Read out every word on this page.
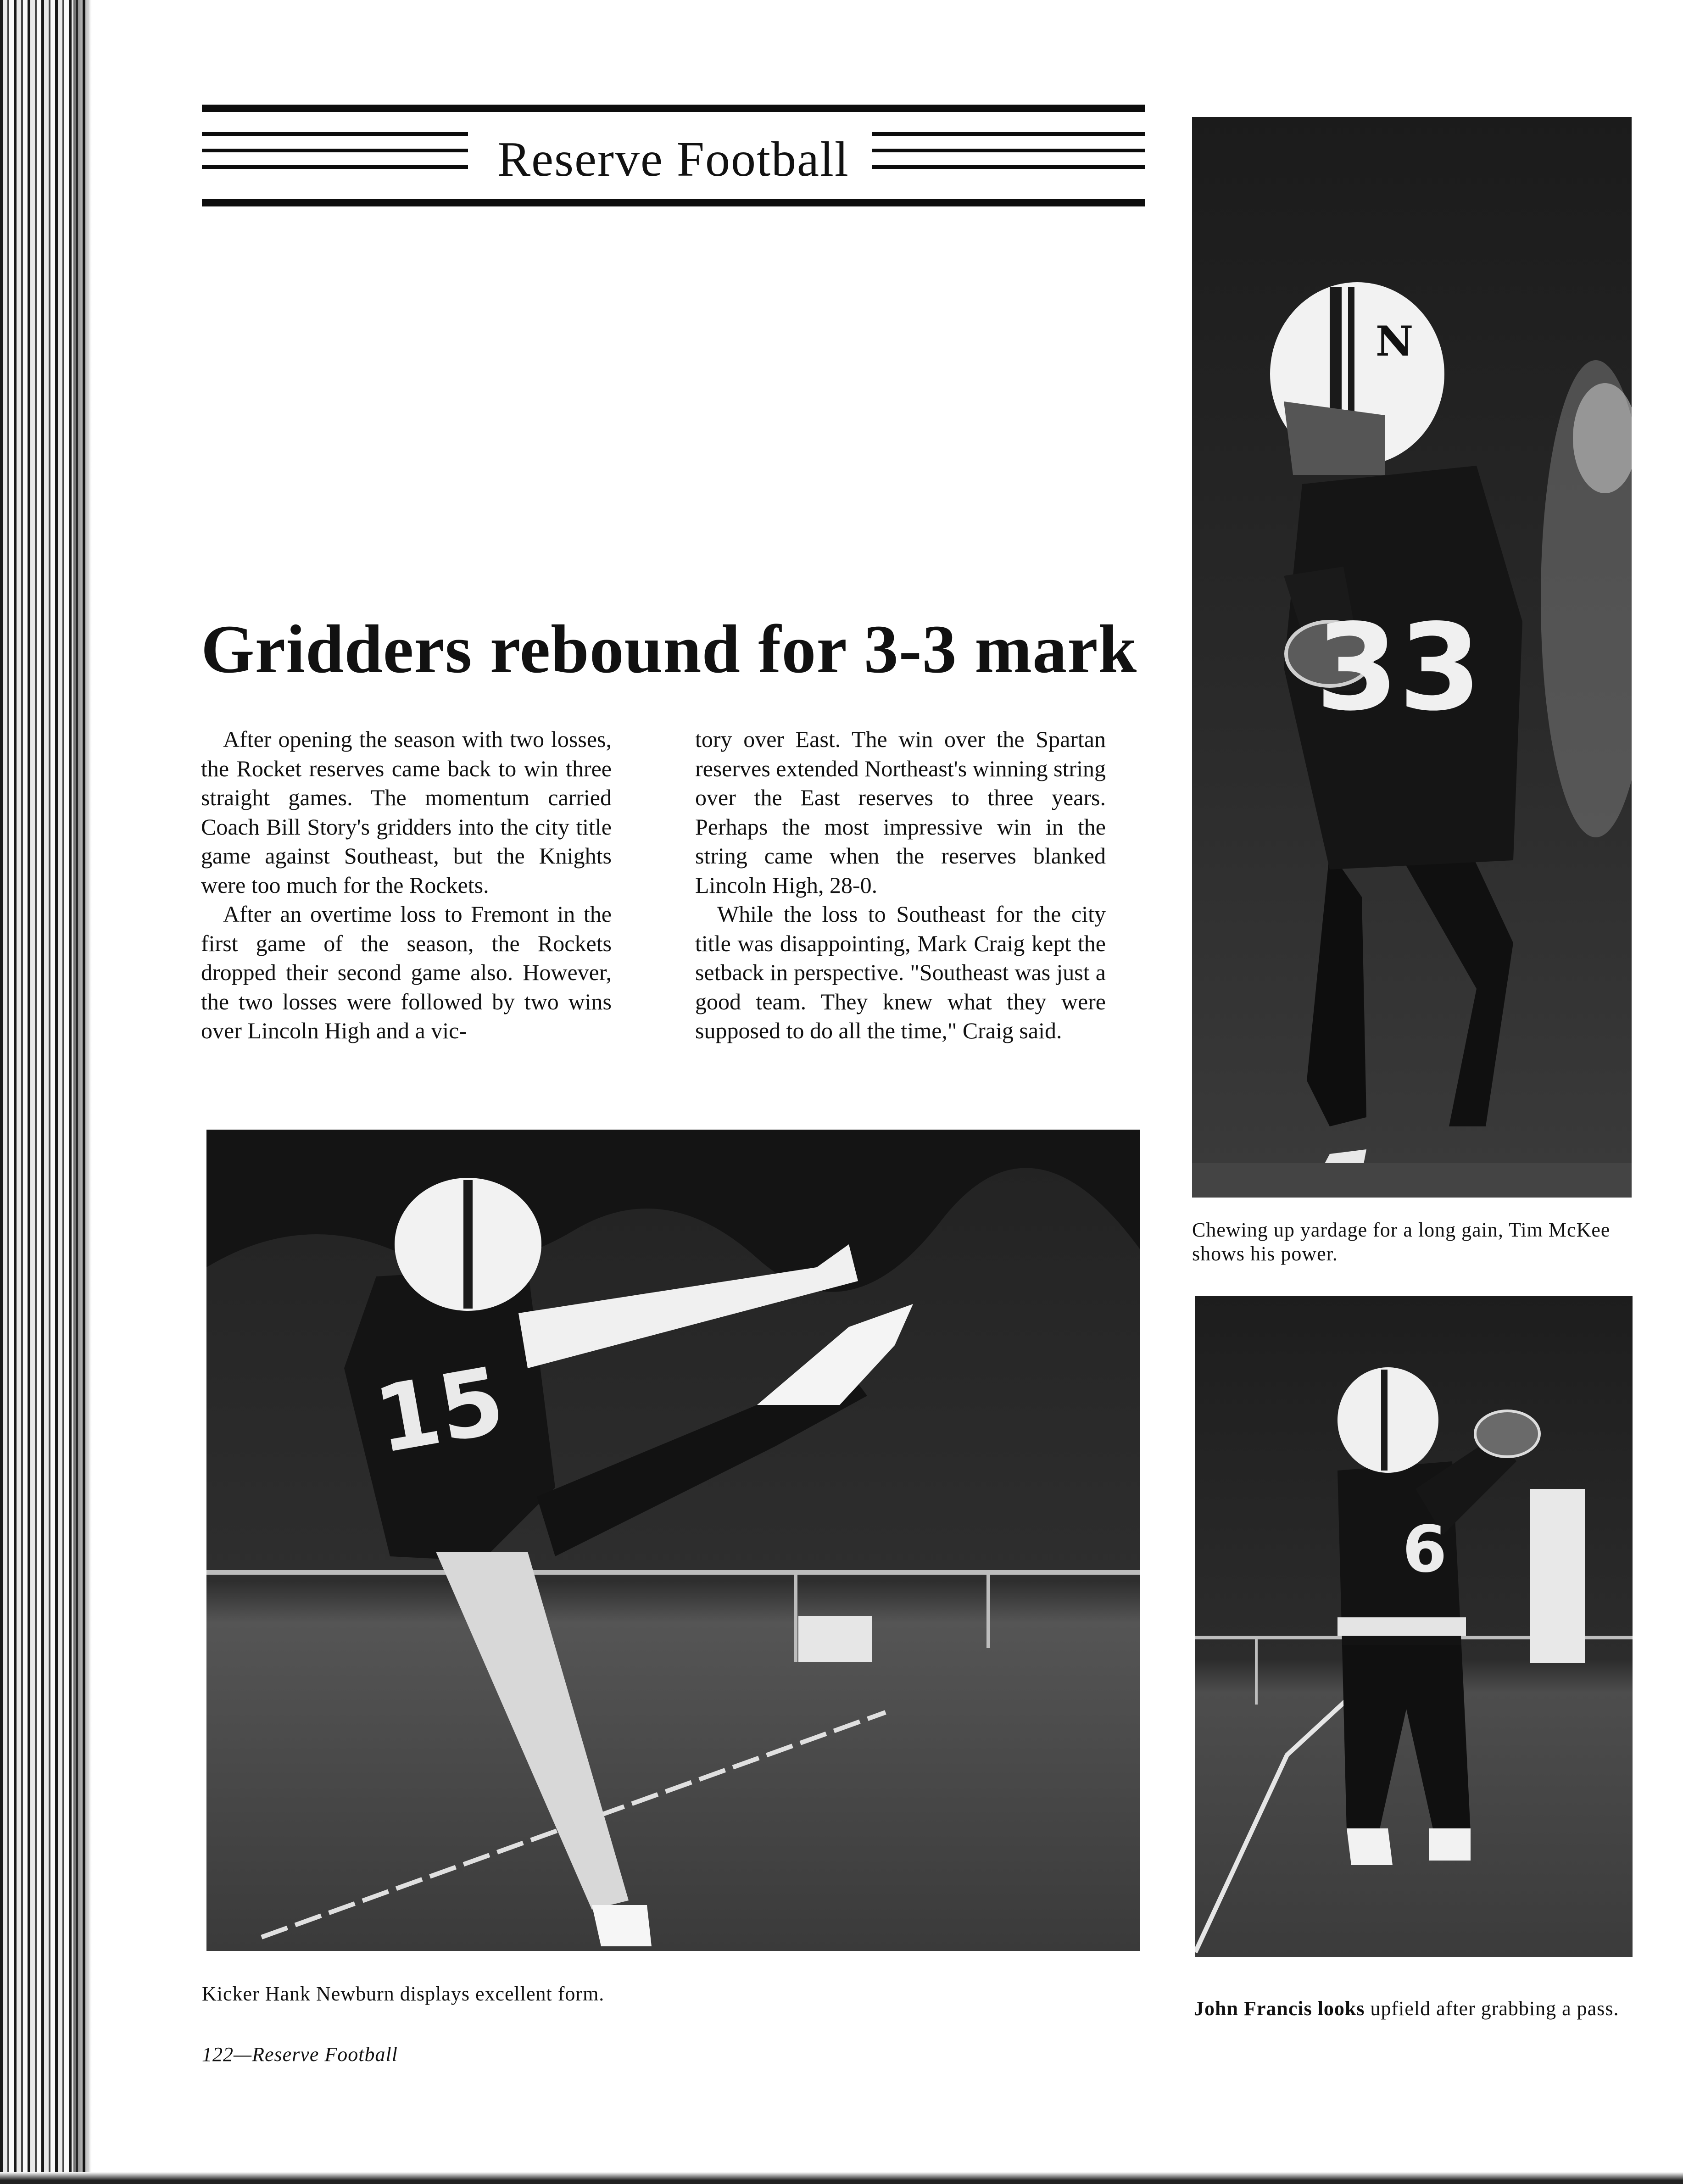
Reserve Football
Gridders rebound for 3-3 mark

After opening the season with two losses, the Rocket reserves came back to win three straight games. The momentum carried Coach Bill Story's gridders into the city title game against Southeast, but the Knights were too much for the Rockets.

After an overtime loss to Fremont in the first game of the season, the Rockets dropped their second game also. However, the two losses were followed by two wins over Lincoln High and a vic-

tory over East. The win over the Spartan reserves extended Northeast's winning string over the East reserves to three years. Perhaps the most impressive win in the string came when the reserves blanked Lincoln High, 28-0.

While the loss to Southeast for the city title was disappointing, Mark Craig kept the setback in perspective. "Southeast was just a good team. They knew what they were supposed to do all the time," Craig said.

33
N
15
6
Chewing up yardage for a long gain, Tim McKee shows his power.
Kicker Hank Newburn displays excellent form.
John Francis looks upfield after grabbing a pass.
122—Reserve Football
